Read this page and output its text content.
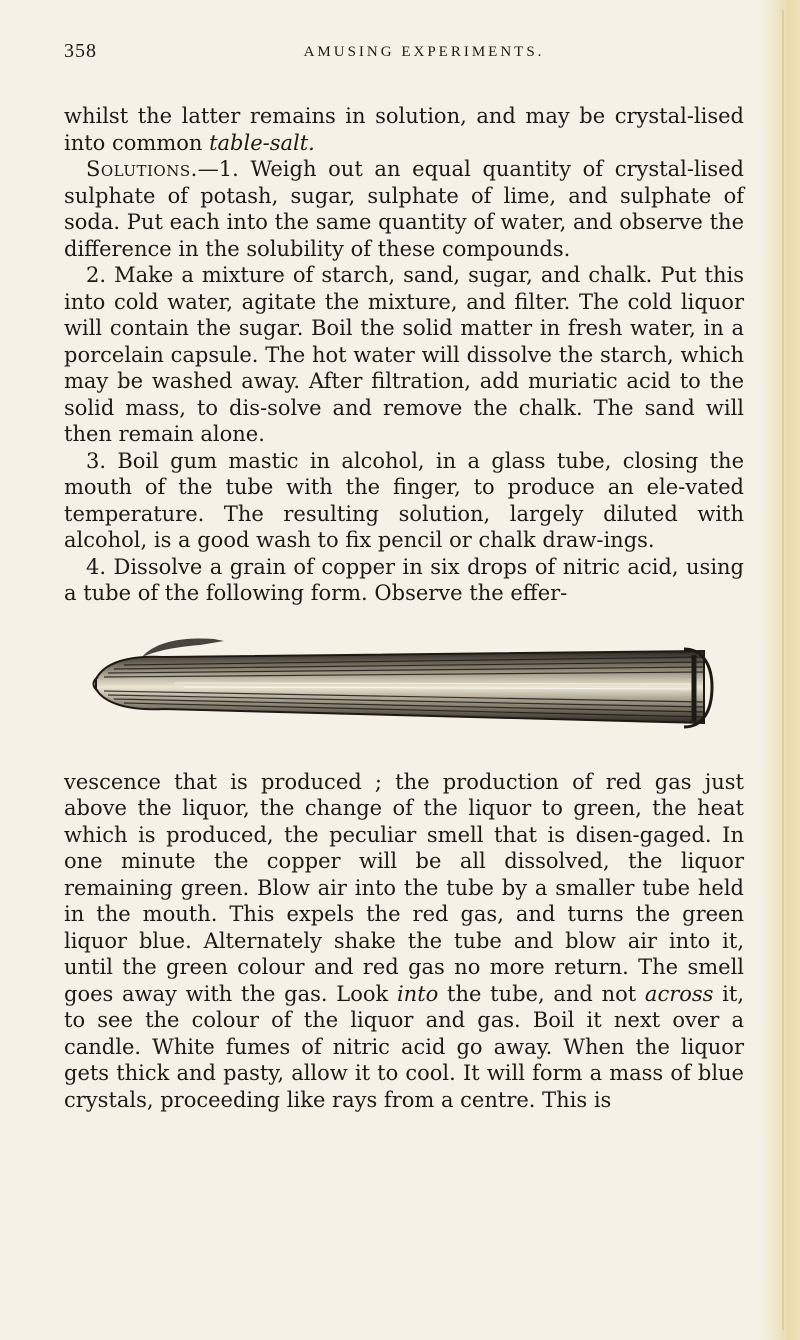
358	AMUSING EXPERIMENTS.

whilst the latter remains in solution, and may be crystal-lised into common table-salt.

Solutions.—1. Weigh out an equal quantity of crystal-lised sulphate of potash, sugar, sulphate of lime, and sulphate of soda. Put each into the same quantity of water, and observe the difference in the solubility of these compounds.

2. Make a mixture of starch, sand, sugar, and chalk. Put this into cold water, agitate the mixture, and filter. The cold liquor will contain the sugar. Boil the solid matter in fresh water, in a porcelain capsule. The hot water will dissolve the starch, which may be washed away. After filtration, add muriatic acid to the solid mass, to dis-solve and remove the chalk. The sand will then remain alone.

3. Boil gum mastic in alcohol, in a glass tube, closing the mouth of the tube with the finger, to produce an ele-vated temperature. The resulting solution, largely diluted with alcohol, is a good wash to fix pencil or chalk draw-ings.

4. Dissolve a grain of copper in six drops of nitric acid, using a tube of the following form. Observe the effer-

vescence that is produced ; the production of red gas just above the liquor, the change of the liquor to green, the heat which is produced, the peculiar smell that is disen-gaged. In one minute the copper will be all dissolved, the liquor remaining green. Blow air into the tube by a smaller tube held in the mouth. This expels the red gas, and turns the green liquor blue. Alternately shake the tube and blow air into it, until the green colour and red gas no more return. The smell goes away with the gas. Look into the tube, and not across it, to see the colour of the liquor and gas. Boil it next over a candle. White fumes of nitric acid go away. When the liquor gets thick and pasty, allow it to cool. It will form a mass of blue crystals, proceeding like rays from a centre. This is
